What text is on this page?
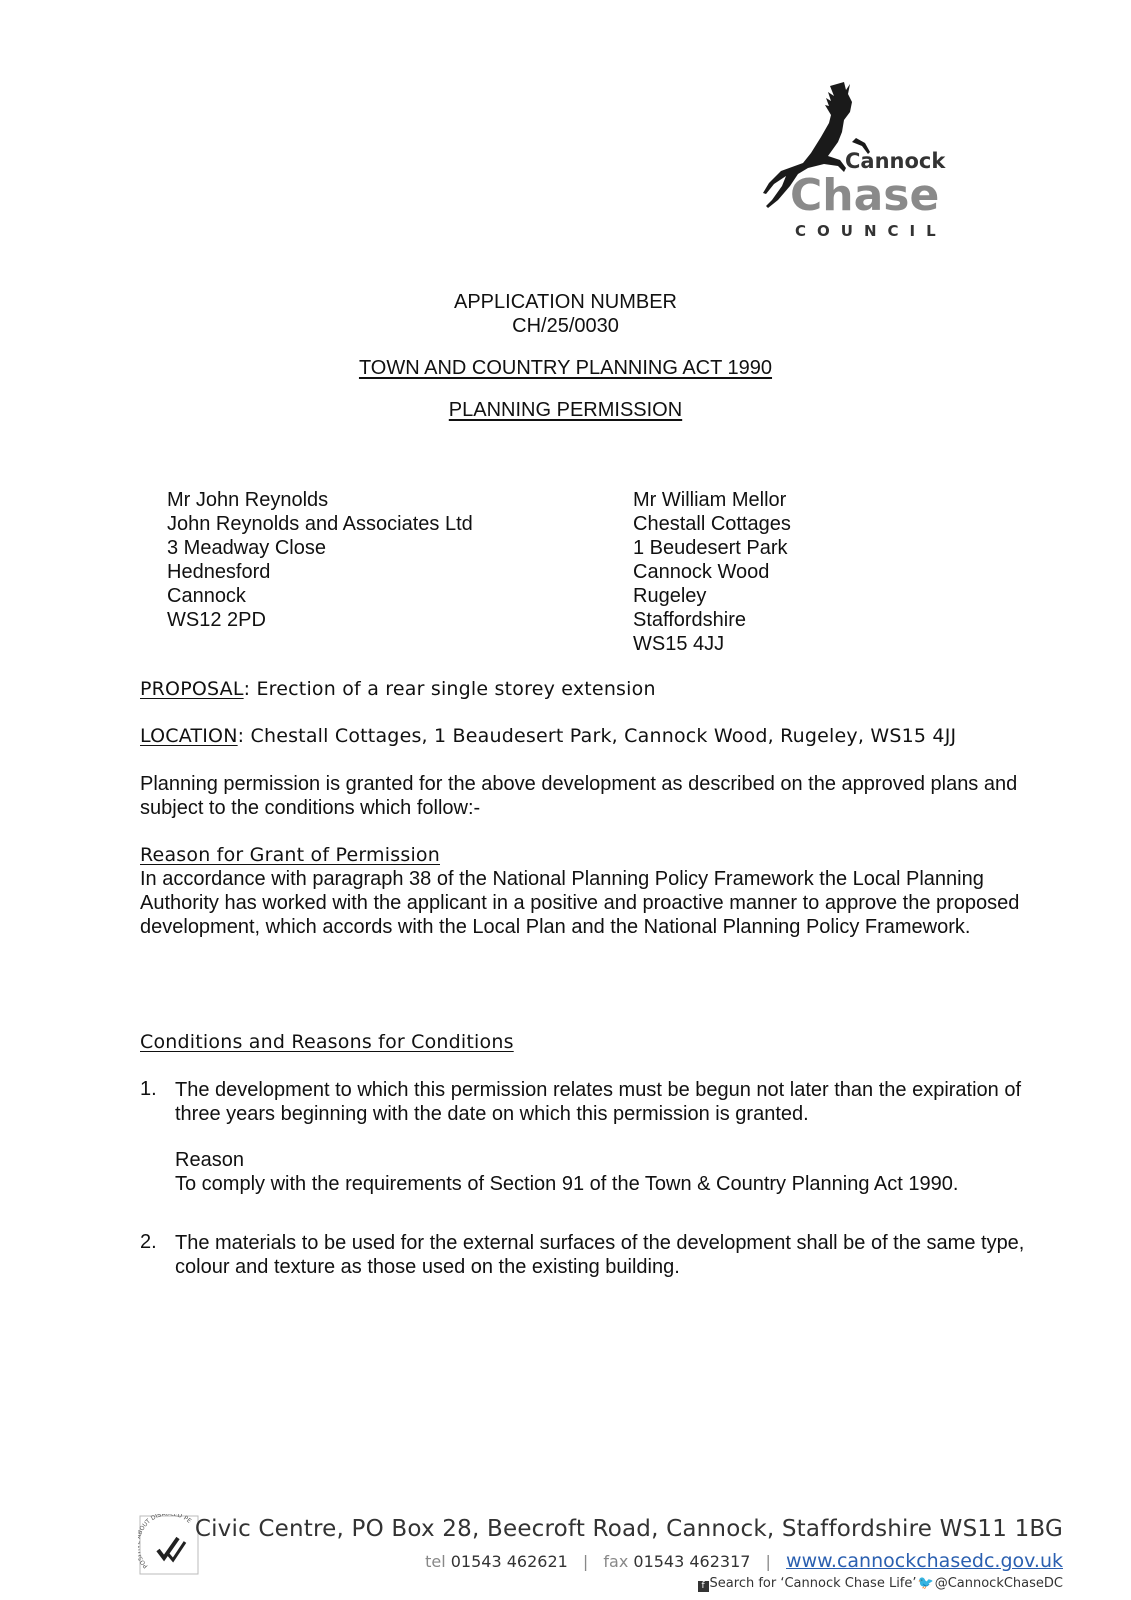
Cannock
Chase
COUNCIL
APPLICATION NUMBER
CH/25/0030
TOWN AND COUNTRY PLANNING ACT 1990
PLANNING PERMISSION
Mr John Reynolds
John Reynolds and Associates Ltd
3 Meadway Close
Hednesford
Cannock
WS12 2PD
Mr William Mellor
Chestall Cottages
1 Beudesert Park
Cannock Wood
Rugeley
Staffordshire
WS15 4JJ
PROPOSAL: Erection of a rear single storey extension
LOCATION: Chestall Cottages, 1 Beaudesert Park, Cannock Wood, Rugeley, WS15 4JJ
Planning permission is granted for the above development as described on the approved plans and subject to the conditions which follow:-
Reason for Grant of Permission
In accordance with paragraph 38 of the National Planning Policy Framework the Local Planning Authority has worked with the applicant in a positive and proactive manner to approve the proposed development, which accords with the Local Plan and the National Planning Policy Framework.
Conditions and Reasons for Conditions
1. The development to which this permission relates must be begun not later than the expiration of three years beginning with the date on which this permission is granted.
Reason
To comply with the requirements of Section 91 of the Town & Country Planning Act 1990.
2. The materials to be used for the external surfaces of the development shall be of the same type, colour and texture as those used on the existing building.
PO OUT DISA ED PE Civic Centre, PO Box 28, Beecroft Road, Cannock, Staffordshire WS11 1BG
tel 01543 462621 | fax 01543 462317 | www.cannockchasedc.gov.uk
f Search for ‘Cannock Chase Life’🐦@CannockChaseDC
